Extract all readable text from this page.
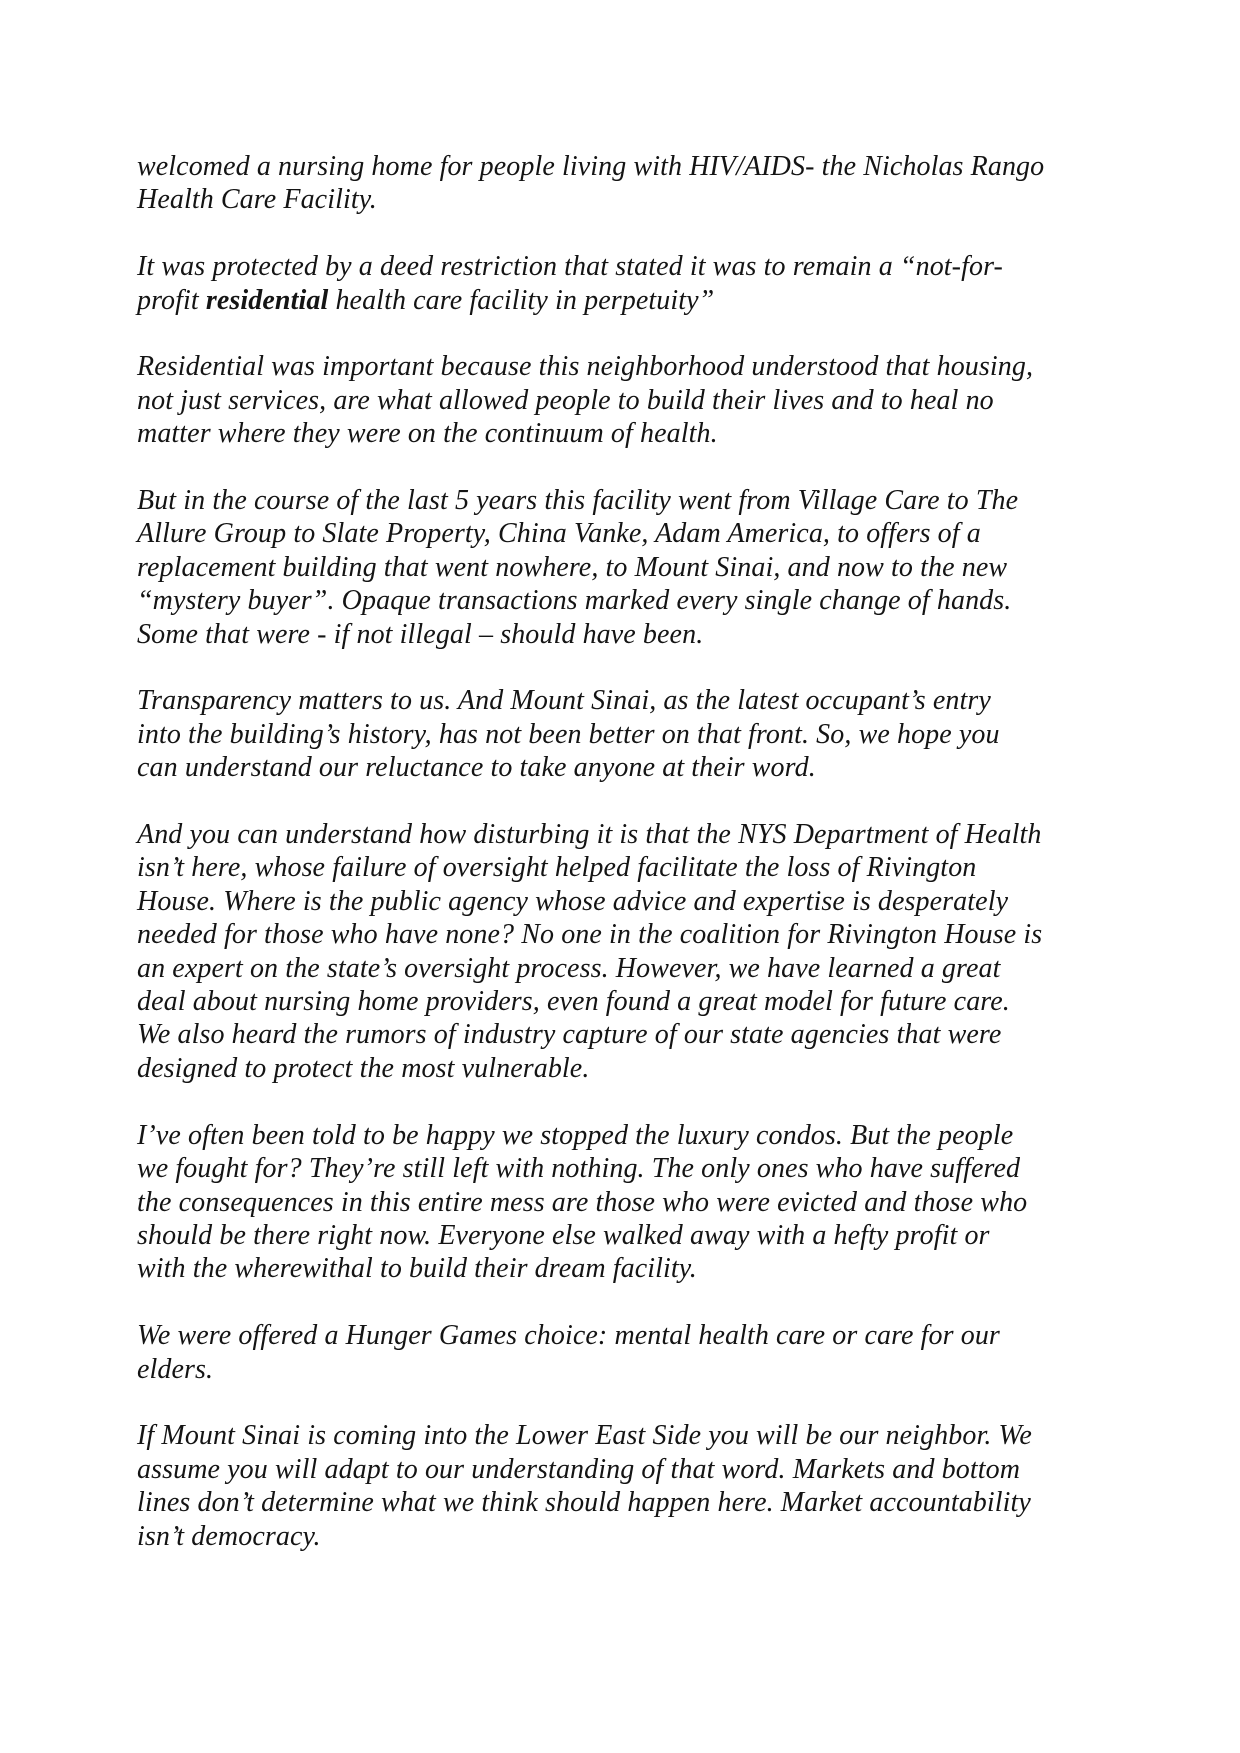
welcomed a nursing home for people living with HIV/AIDS- the Nicholas Rango
Health Care Facility.
It was protected by a deed restriction that stated it was to remain a “not-for-
profit residential health care facility in perpetuity”
Residential was important because this neighborhood understood that housing,
not just services, are what allowed people to build their lives and to heal no
matter where they were on the continuum of health.
But in the course of the last 5 years this facility went from Village Care to The
Allure Group to Slate Property, China Vanke, Adam America, to offers of a
replacement building that went nowhere, to Mount Sinai, and now to the new
“mystery buyer”. Opaque transactions marked every single change of hands.
Some that were - if not illegal – should have been.
Transparency matters to us. And Mount Sinai, as the latest occupant’s entry
into the building’s history, has not been better on that front. So, we hope you
can understand our reluctance to take anyone at their word.
And you can understand how disturbing it is that the NYS Department of Health
isn’t here, whose failure of oversight helped facilitate the loss of Rivington
House. Where is the public agency whose advice and expertise is desperately
needed for those who have none? No one in the coalition for Rivington House is
an expert on the state’s oversight process. However, we have learned a great
deal about nursing home providers, even found a great model for future care.
We also heard the rumors of industry capture of our state agencies that were
designed to protect the most vulnerable.
I’ve often been told to be happy we stopped the luxury condos. But the people
we fought for? They’re still left with nothing. The only ones who have suffered
the consequences in this entire mess are those who were evicted and those who
should be there right now. Everyone else walked away with a hefty profit or
with the wherewithal to build their dream facility.
We were offered a Hunger Games choice: mental health care or care for our
elders.
If Mount Sinai is coming into the Lower East Side you will be our neighbor. We
assume you will adapt to our understanding of that word. Markets and bottom
lines don’t determine what we think should happen here. Market accountability
isn’t democracy.
